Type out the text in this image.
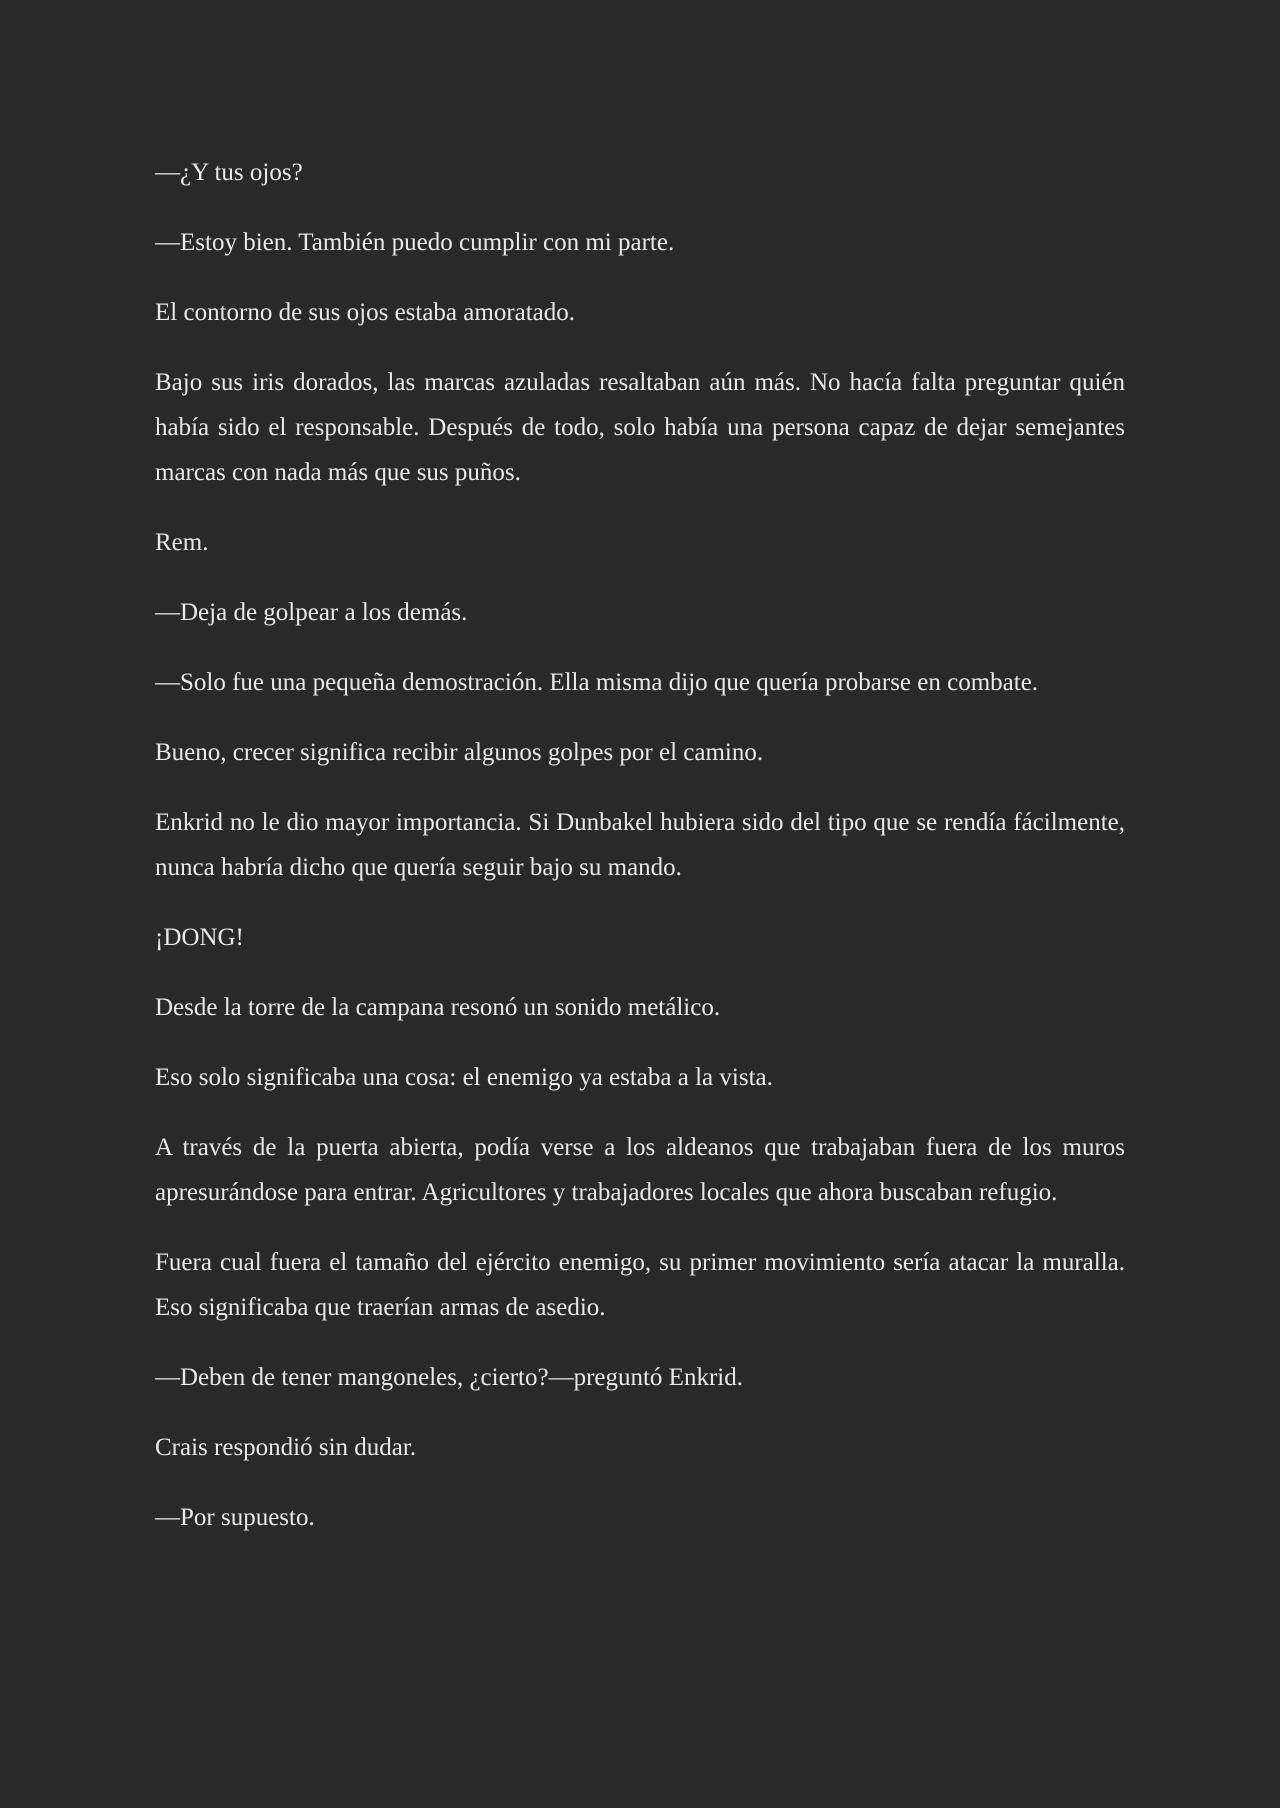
—¿Y tus ojos?

—Estoy bien. También puedo cumplir con mi parte.

El contorno de sus ojos estaba amoratado.

Bajo sus iris dorados, las marcas azuladas resaltaban aún más. No hacía falta preguntar quién había sido el responsable. Después de todo, solo había una persona capaz de dejar semejantes marcas con nada más que sus puños.

Rem.

—Deja de golpear a los demás.

—Solo fue una pequeña demostración. Ella misma dijo que quería probarse en combate.

Bueno, crecer significa recibir algunos golpes por el camino.

Enkrid no le dio mayor importancia. Si Dunbakel hubiera sido del tipo que se rendía fácilmente, nunca habría dicho que quería seguir bajo su mando.

¡DONG!

Desde la torre de la campana resonó un sonido metálico.

Eso solo significaba una cosa: el enemigo ya estaba a la vista.

A través de la puerta abierta, podía verse a los aldeanos que trabajaban fuera de los muros apresurándose para entrar. Agricultores y trabajadores locales que ahora buscaban refugio.

Fuera cual fuera el tamaño del ejército enemigo, su primer movimiento sería atacar la muralla. Eso significaba que traerían armas de asedio.

—Deben de tener mangoneles, ¿cierto?—preguntó Enkrid.

Crais respondió sin dudar.

—Por supuesto.
